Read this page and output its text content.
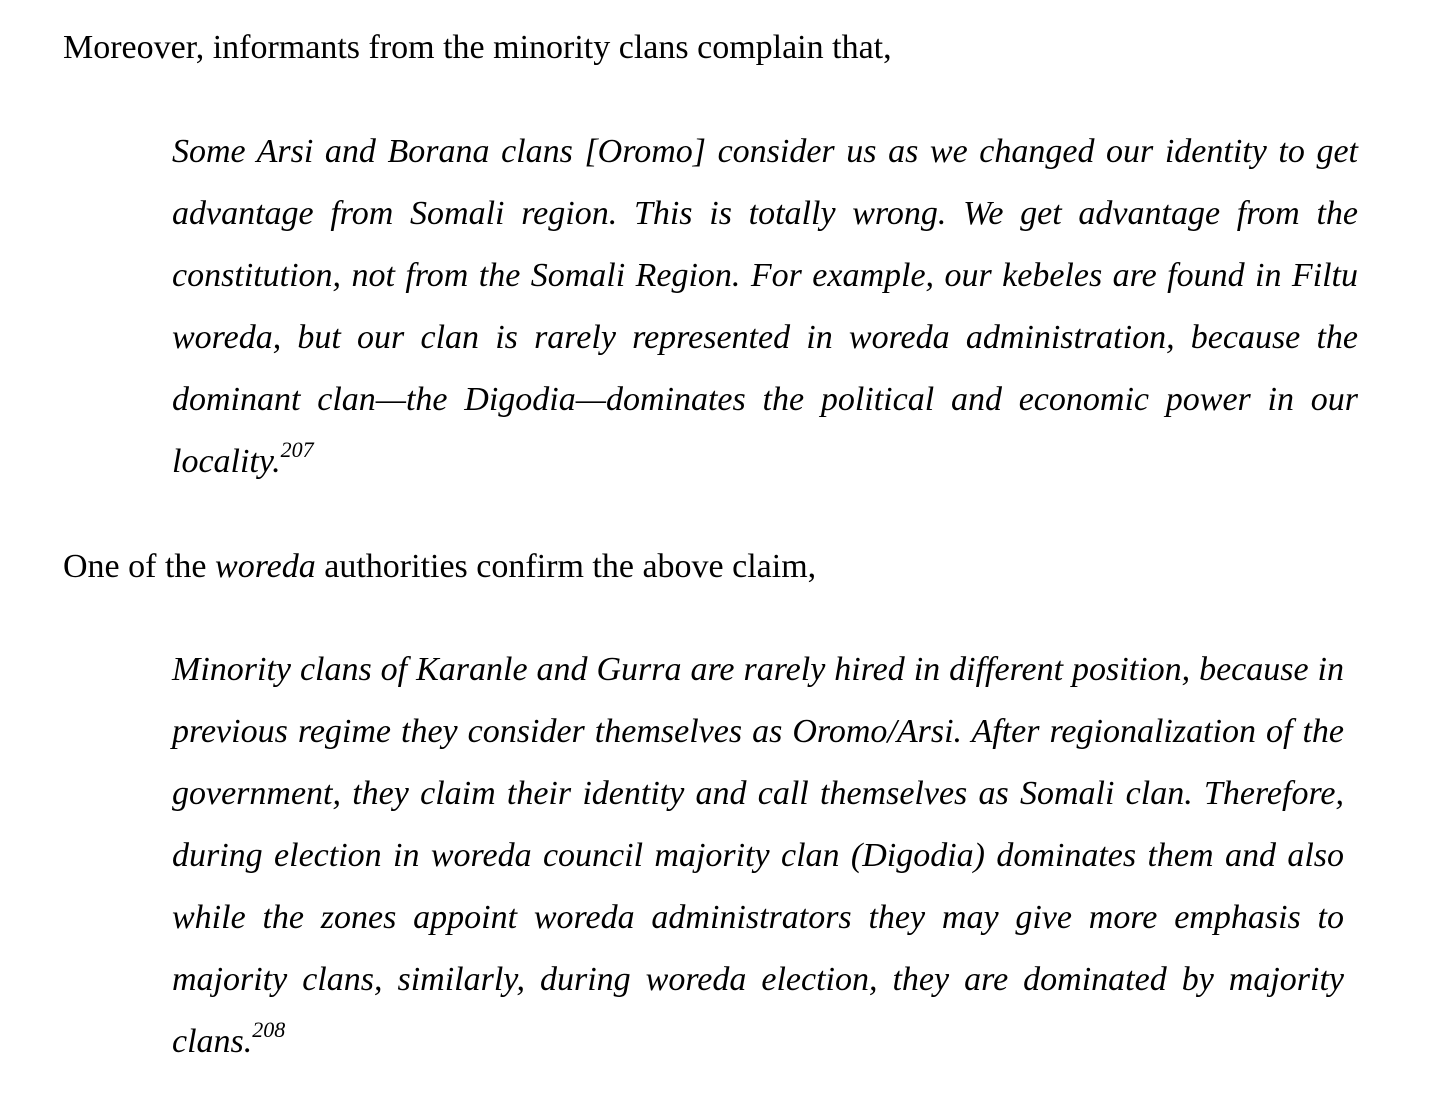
Moreover, informants from the minority clans complain that,

Some Arsi and Borana clans [Oromo] consider us as we changed our identity to get advantage from Somali region. This is totally wrong. We get advantage from the constitution, not from the Somali Region. For example, our kebeles are found in Filtu woreda, but our clan is rarely represented in woreda administration, because the dominant clan—the Digodia—dominates the political and economic power in our locality.$^{207}$

One of the woreda authorities confirm the above claim,

Minority clans of Karanle and Gurra are rarely hired in different position, because in previous regime they consider themselves as Oromo/Arsi. After regionalization of the government, they claim their identity and call themselves as Somali clan. Therefore, during election in woreda council majority clan (Digodia) dominates them and also while the zones appoint woreda administrators they may give more emphasis to majority clans, similarly, during woreda election, they are dominated by majority clans.$^{208}$
